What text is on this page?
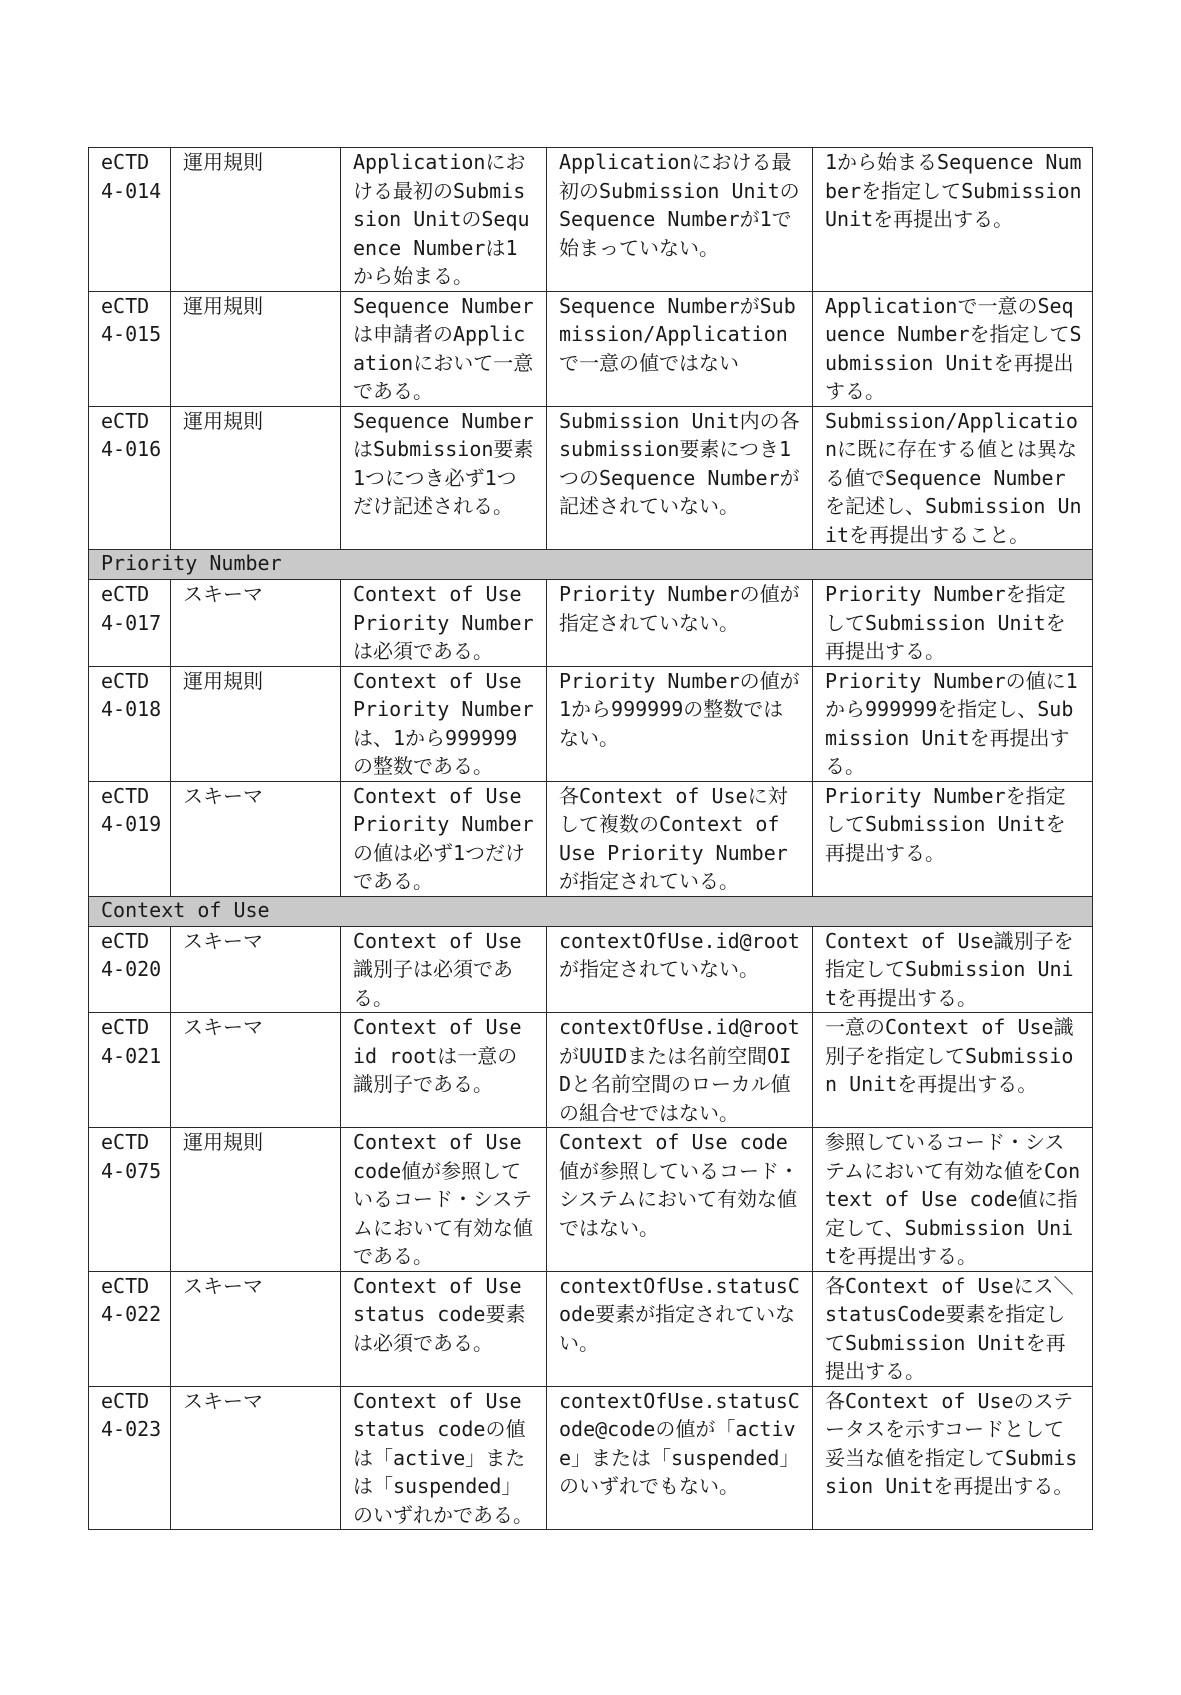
eCTD
4-014	運用規則	Applicationにおける最初のSubmission UnitのSequence Numberは1から始まる。	Applicationにおける最初のSubmission UnitのSequence Numberが1で始まっていない。	1から始まるSequence Numberを指定してSubmission Unitを再提出する。
eCTD
4-015	運用規則	Sequence Numberは申請者のApplicationにおいて一意である。	Sequence NumberがSubmission/Applicationで一意の値ではない	Applicationで一意のSequence Numberを指定してSubmission Unitを再提出する。
eCTD
4-016	運用規則	Sequence NumberはSubmission要素1つにつき必ず1つだけ記述される。	Submission Unit内の各submission要素につき1つのSequence Numberが記述されていない。	Submission/Applicationに既に存在する値とは異なる値でSequence Numberを記述し、Submission Unitを再提出すること。
Priority Number				
eCTD
4-017	スキーマ	Context of Use Priority Numberは必須である。	Priority Numberの値が指定されていない。	Priority Numberを指定してSubmission Unitを再提出する。
eCTD
4-018	運用規則	Context of Use Priority Numberは、1から999999の整数である。	Priority Numberの値が1から999999の整数ではない。	Priority Numberの値に1から999999を指定し、Submission Unitを再提出する。
eCTD
4-019	スキーマ	Context of Use Priority Numberの値は必ず1つだけである。	各Context of Useに対して複数のContext of Use Priority Numberが指定されている。	Priority Numberを指定してSubmission Unitを再提出する。
Context of Use				
eCTD
4-020	スキーマ	Context of Use識別子は必須である。	contextOfUse.id@rootが指定されていない。	Context of Use識別子を指定してSubmission Unitを再提出する。
eCTD
4-021	スキーマ	Context of Use id rootは一意の識別子である。	contextOfUse.id@rootがUUIDまたは名前空間OIDと名前空間のローカル値の組合せではない。	一意のContext of Use識別子を指定してSubmission Unitを再提出する。
eCTD
4-075	運用規則	Context of Use code値が参照しているコード・システムにおいて有効な値である。	Context of Use code値が参照しているコード・システムにおいて有効な値ではない。	参照しているコード・システムにおいて有効な値をContext of Use code値に指定して、Submission Unitを再提出する。
eCTD
4-022	スキーマ	Context of Use status code要素は必須である。	contextOfUse.statusCode要素が指定されていない。	各Context of Useにス＼statusCode要素を指定してSubmission Unitを再提出する。
eCTD
4-023	スキーマ	Context of Use status codeの値は「active」または「suspended」のいずれかである。	contextOfUse.statusCode@codeの値が「active」または「suspended」のいずれでもない。	各Context of Useのステータスを示すコードとして妥当な値を指定してSubmission Unitを再提出する。
